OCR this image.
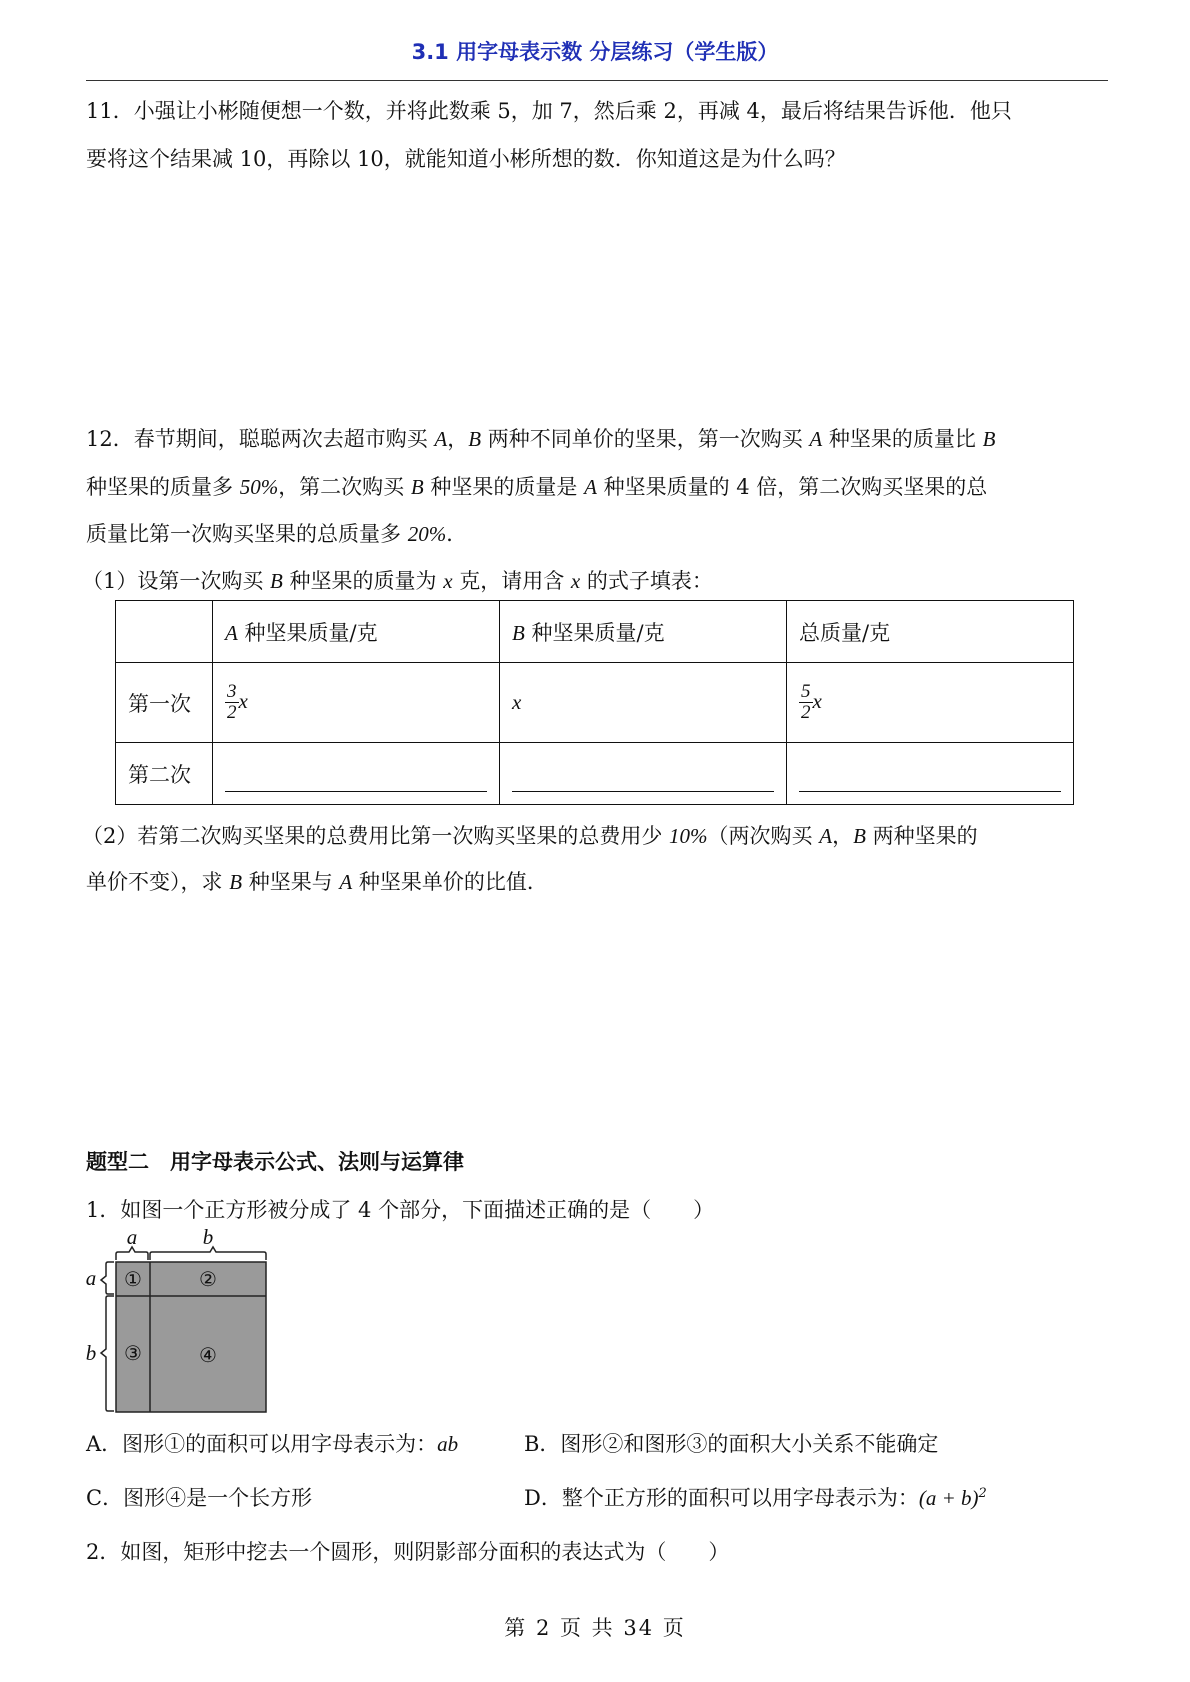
3.1 用字母表示数 分层练习（学生版）
11．小强让小彬随便想一个数，并将此数乘 5，加 7，然后乘 2，再减 4，最后将结果告诉他．他只
要将这个结果减 10，再除以 10，就能知道小彬所想的数．你知道这是为什么吗？
12．春节期间，聪聪两次去超市购买 A，B 两种不同单价的坚果，第一次购买 A 种坚果的质量比 B
种坚果的质量多 50%，第二次购买 B 种坚果的质量是 A 种坚果质量的 4 倍，第二次购买坚果的总
质量比第一次购买坚果的总质量多 20%．
（1）设第一次购买 B 种坚果的质量为 x 克，请用含 x 的式子填表：
	A 种坚果质量/克	B 种坚果质量/克	总质量/克
第一次	$\frac{3}{2}$ x	x	$\frac{5}{2}$ x
第二次	

（2）若第二次购买坚果的总费用比第一次购买坚果的总费用少 10%（两次购买 A，B 两种坚果的
单价不变），求 B 种坚果与 A 种坚果单价的比值．
题型二　用字母表示公式、法则与运算律
1．如图一个正方形被分成了 4 个部分，下面描述正确的是（　　）
a	b
a
b
①	②
③	④
A．图形①的面积可以用字母表示为：ab	B．图形②和图形③的面积大小关系不能确定
C．图形④是一个长方形	D．整个正方形的面积可以用字母表示为：$(a + b)^2$
2．如图，矩形中挖去一个圆形，则阴影部分面积的表达式为（　　）
第 2 页 共 34 页
